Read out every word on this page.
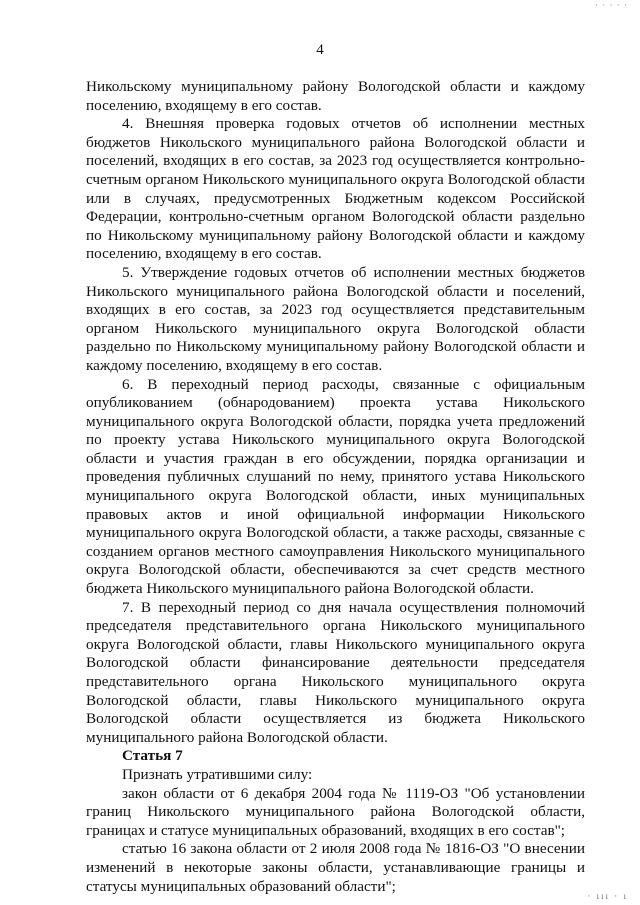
· · · · ·
4

Никольскому муниципальному району Вологодской области и каждому поселению, входящему в его состав.

4. Внешняя проверка годовых отчетов об исполнении местных бюджетов Никольского муниципального района Вологодской области и поселений, входящих в его состав, за 2023 год осуществляется контрольно-счетным органом Никольского муниципального округа Вологодской области или в случаях, предусмотренных Бюджетным кодексом Российской Федерации, контрольно-счетным органом Вологодской области раздельно по Никольскому муниципальному району Вологодской области и каждому поселению, входящему в его состав.

5. Утверждение годовых отчетов об исполнении местных бюджетов Никольского муниципального района Вологодской области и поселений, входящих в его состав, за 2023 год осуществляется представительным органом Никольского муниципального округа Вологодской области раздельно по Никольскому муниципальному району Вологодской области и каждому поселению, входящему в его состав.

6. В переходный период расходы, связанные с официальным опубликованием (обнародованием) проекта устава Никольского муниципального округа Вологодской области, порядка учета предложений по проекту устава Никольского муниципального округа Вологодской области и участия граждан в его обсуждении, порядка организации и проведения публичных слушаний по нему, принятого устава Никольского муниципального округа Вологодской области, иных муниципальных правовых актов и иной официальной информации Никольского муниципального округа Вологодской области, а также расходы, связанные с созданием органов местного самоуправления Никольского муниципального округа Вологодской области, обеспечиваются за счет средств местного бюджета Никольского муниципального района Вологодской области.

7. В переходный период со дня начала осуществления полномочий председателя представительного органа Никольского муниципального округа Вологодской области, главы Никольского муниципального округа Вологодской области финансирование деятельности председателя представительного органа Никольского муниципального округа Вологодской области, главы Никольского муниципального округа Вологодской области осуществляется из бюджета Никольского муниципального района Вологодской области.

Статья 7

Признать утратившими силу:

закон области от 6 декабря 2004 года № 1119-ОЗ "Об установлении границ Никольского муниципального района Вологодской области, границах и статусе муниципальных образований, входящих в его состав";

статью 16 закона области от 2 июля 2008 года № 1816-ОЗ "О внесении изменений в некоторые законы области, устанавливающие границы и статусы муниципальных образований области";

· ııı · ı
